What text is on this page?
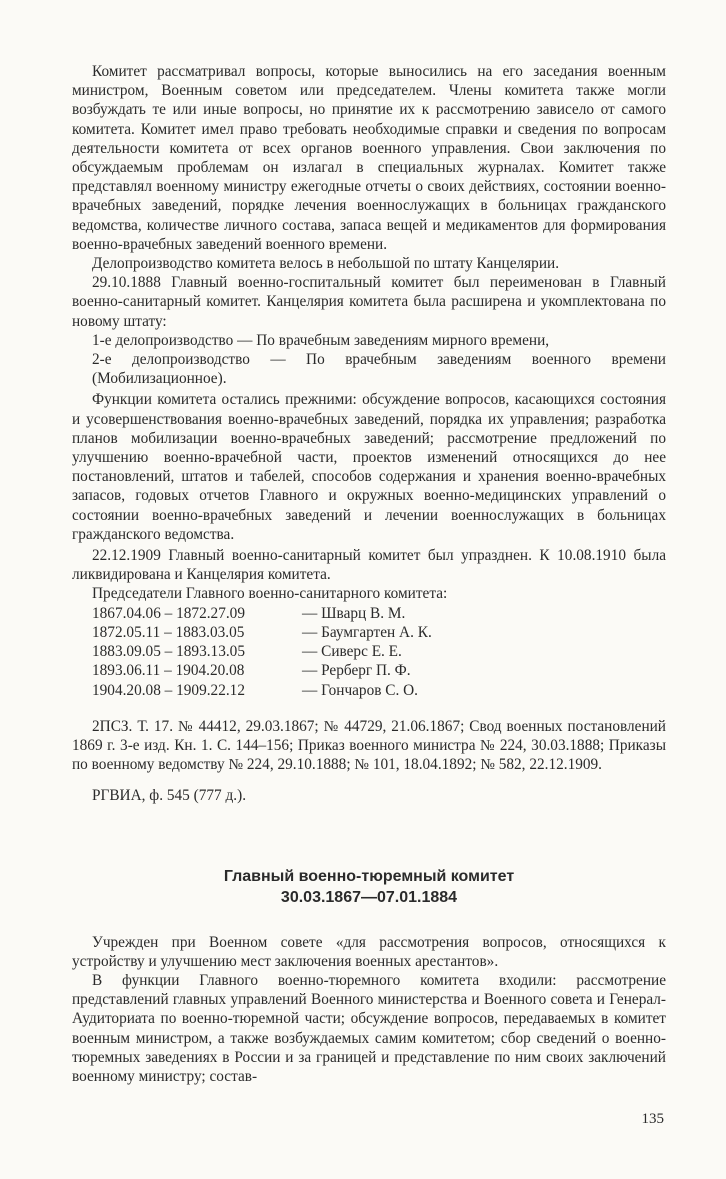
Комитет рассматривал вопросы, которые выносились на его заседания военным министром, Военным советом или председателем. Члены комитета также могли возбуждать те или иные вопросы, но принятие их к рассмотрению зависело от самого комитета. Комитет имел право требовать необходимые справки и сведения по вопросам деятельности комитета от всех органов военного управления. Свои заключения по обсуждаемым проблемам он излагал в специальных журналах. Комитет также представлял военному министру ежегодные отчеты о своих действиях, состоянии военно-врачебных заведений, порядке лечения военнослужащих в больницах гражданского ведомства, количестве личного состава, запаса вещей и медикаментов для формирования военно-врачебных заведений военного времени.

Делопроизводство комитета велось в небольшой по штату Канцелярии.

29.10.1888 Главный военно-госпитальный комитет был переименован в Главный военно-санитарный комитет. Канцелярия комитета была расширена и укомплектована по новому штату:

1-е делопроизводство — По врачебным заведениям мирного времени,
2-е делопроизводство — По врачебным заведениям военного времени (Мобилизационное).

Функции комитета остались прежними: обсуждение вопросов, касающихся состояния и усовершенствования военно-врачебных заведений, порядка их управления; разработка планов мобилизации военно-врачебных заведений; рассмотрение предложений по улучшению военно-врачебной части, проектов изменений относящихся до нее постановлений, штатов и табелей, способов содержания и хранения военно-врачебных запасов, годовых отчетов Главного и окружных военно-медицинских управлений о состоянии военно-врачебных заведений и лечении военнослужащих в больницах гражданского ведомства.

22.12.1909 Главный военно-санитарный комитет был упразднен. К 10.08.1910 была ликвидирована и Канцелярия комитета.

Председатели Главного военно-санитарного комитета:

1867.04.06 – 1872.27.09	— Шварц В. М.
1872.05.11 – 1883.03.05	— Баумгартен А. К.
1883.09.05 – 1893.13.05	— Сиверс Е. Е.
1893.06.11 – 1904.20.08	— Рерберг П. Ф.
1904.20.08 – 1909.22.12	— Гончаров С. О.

2ПСЗ. Т. 17. № 44412, 29.03.1867; № 44729, 21.06.1867; Свод военных постановлений 1869 г. 3-е изд. Кн. 1. С. 144–156; Приказ военного министра № 224, 30.03.1888; Приказы по военному ведомству № 224, 29.10.1888; № 101, 18.04.1892; № 582, 22.12.1909.

РГВИА, ф. 545 (777 д.).

Главный военно-тюремный комитет
30.03.1867—07.01.1884

Учрежден при Военном совете «для рассмотрения вопросов, относящихся к устройству и улучшению мест заключения военных арестантов».

В функции Главного военно-тюремного комитета входили: рассмотрение представлений главных управлений Военного министерства и Военного совета и Генерал-Аудиториата по военно-тюремной части; обсуждение вопросов, передаваемых в комитет военным министром, а также возбуждаемых самим комитетом; сбор сведений о военно-тюремных заведениях в России и за границей и представление по ним своих заключений военному министру; состав-

135
